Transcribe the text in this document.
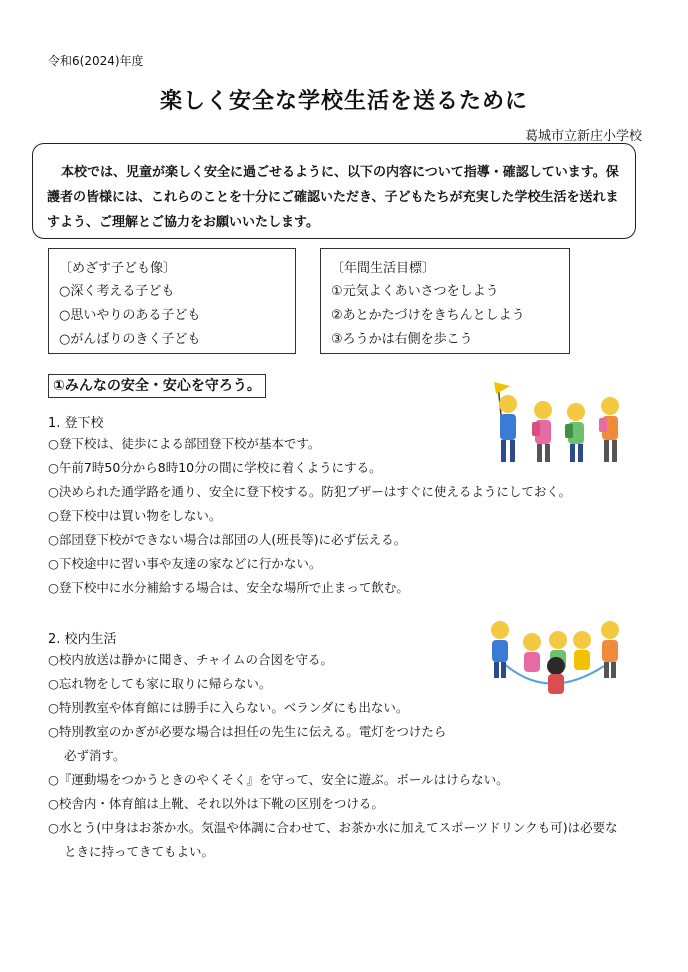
令和6(2024)年度
楽しく安全な学校生活を送るために
葛城市立新庄小学校

本校では、児童が楽しく安全に過ごせるように、以下の内容について指導・確認しています。保護者の皆様には、これらのことを十分にご確認いただき、子どもたちが充実した学校生活を送れますよう、ご理解とご協力をお願いいたします。

〔めざす子ども像〕
○深く考える子ども
○思いやりのある子ども
○がんばりのきく子ども
〔年間生活目標〕
①元気よくあいさつをしよう
②あとかたづけをきちんとしよう
③ろうかは右側を歩こう
①みんなの安全・安心を守ろう。
1. 登下校
○登下校は、徒歩による部団登下校が基本です。
○午前7時50分から8時10分の間に学校に着くようにする。
○決められた通学路を通り、安全に登下校する。防犯ブザーはすぐに使えるようにしておく。
○登下校中は買い物をしない。
○部団登下校ができない場合は部団の人(班長等)に必ず伝える。
○下校途中に習い事や友達の家などに行かない。
○登下校中に水分補給する場合は、安全な場所で止まって飲む。
2. 校内生活
○校内放送は静かに聞き、チャイムの合図を守る。
○忘れ物をしても家に取りに帰らない。
○特別教室や体育館には勝手に入らない。ベランダにも出ない。
○特別教室のかぎが必要な場合は担任の先生に伝える。電灯をつけたら
必ず消す。
○『運動場をつかうときのやくそく』を守って、安全に遊ぶ。ボールはけらない。
○校舎内・体育館は上靴、それ以外は下靴の区別をつける。
○水とう(中身はお茶か水。気温や体調に合わせて、お茶か水に加えてスポーツドリンクも可)は必要な
ときに持ってきてもよい。
